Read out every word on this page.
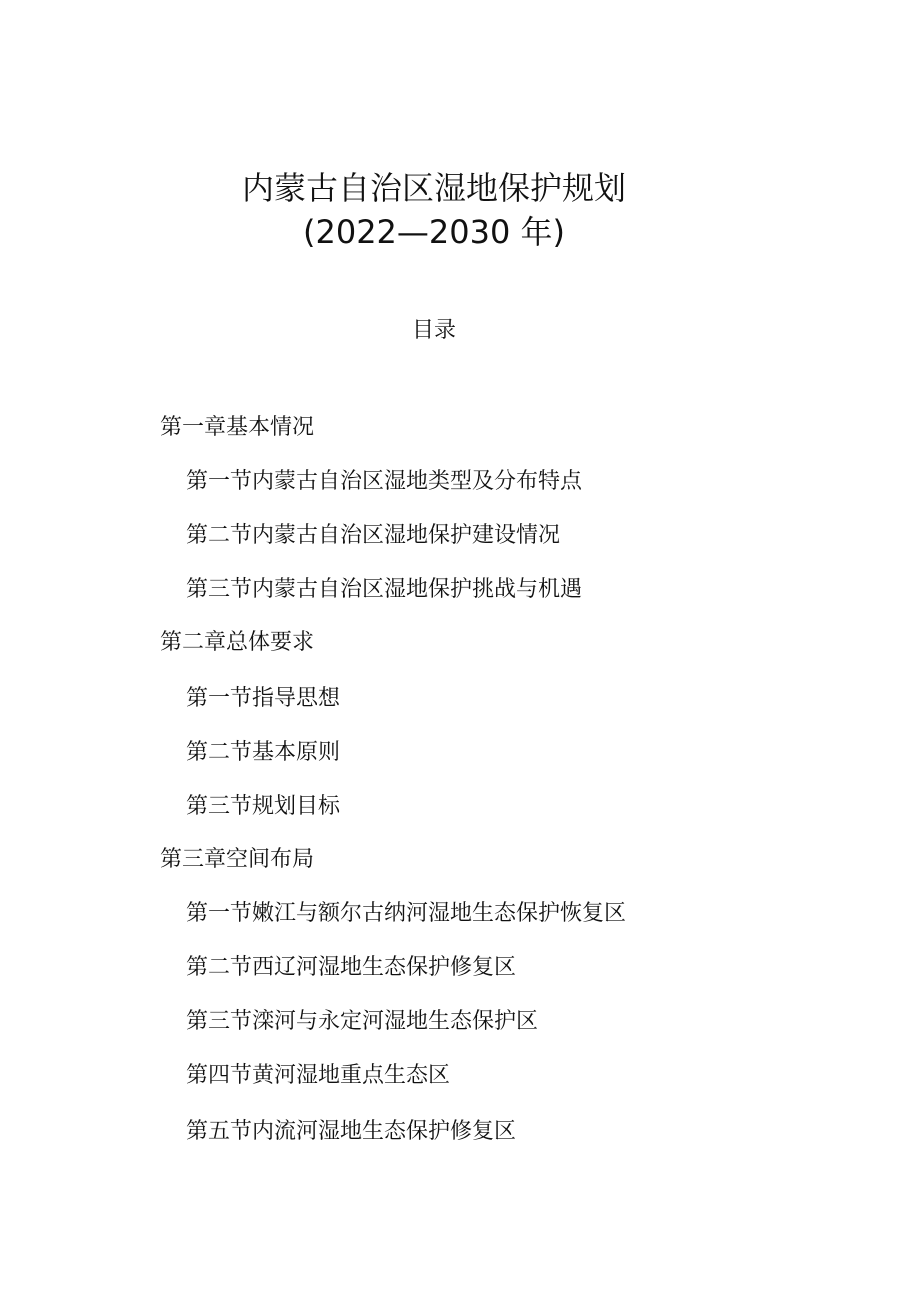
内蒙古自治区湿地保护规划
(2022—2030 年)
目录
第一章基本情况
第一节内蒙古自治区湿地类型及分布特点
第二节内蒙古自治区湿地保护建设情况
第三节内蒙古自治区湿地保护挑战与机遇
第二章总体要求
第一节指导思想
第二节基本原则
第三节规划目标
第三章空间布局
第一节嫩江与额尔古纳河湿地生态保护恢复区
第二节西辽河湿地生态保护修复区
第三节滦河与永定河湿地生态保护区
第四节黄河湿地重点生态区
第五节内流河湿地生态保护修复区
